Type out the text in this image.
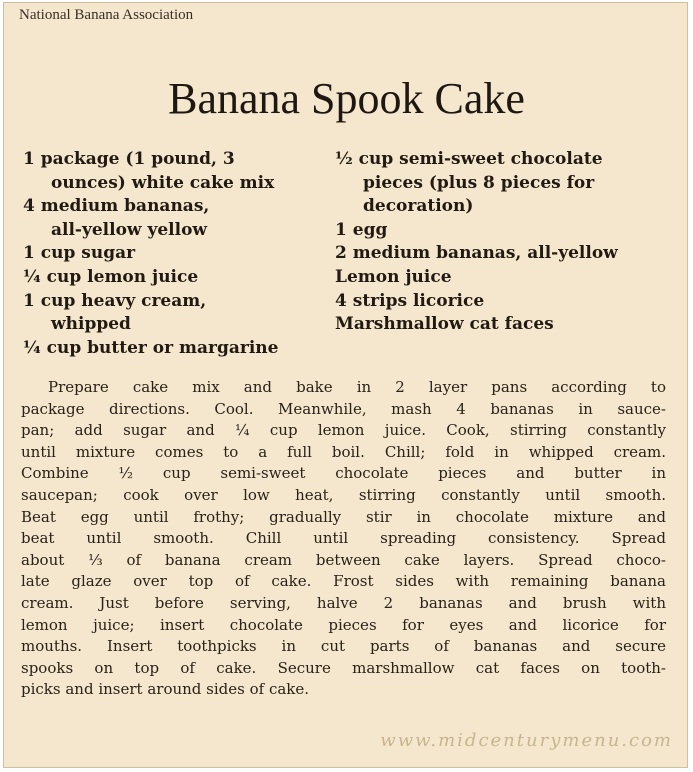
National Banana Association
Banana Spook Cake
1 package (1 pound, 3
ounces) white cake mix
4 medium bananas,
all-yellow yellow
1 cup sugar
¼ cup lemon juice
1 cup heavy cream,
whipped
¼ cup butter or margarine
½ cup semi-sweet chocolate
pieces (plus 8 pieces for
decoration)
1 egg
2 medium bananas, all-yellow
Lemon juice
4 strips licorice
Marshmallow cat faces
Prepare cake mix and bake in 2 layer pans according to
package directions. Cool. Meanwhile, mash 4 bananas in sauce-
pan; add sugar and ¼ cup lemon juice. Cook, stirring constantly
until mixture comes to a full boil. Chill; fold in whipped cream.
Combine ½ cup semi-sweet chocolate pieces and butter in
saucepan; cook over low heat, stirring constantly until smooth.
Beat egg until frothy; gradually stir in chocolate mixture and
beat until smooth. Chill until spreading consistency. Spread
about ⅓ of banana cream between cake layers. Spread choco-
late glaze over top of cake. Frost sides with remaining banana
cream. Just before serving, halve 2 bananas and brush with
lemon juice; insert chocolate pieces for eyes and licorice for
mouths. Insert toothpicks in cut parts of bananas and secure
spooks on top of cake. Secure marshmallow cat faces on tooth-
picks and insert around sides of cake.
www.midcenturymenu.com
